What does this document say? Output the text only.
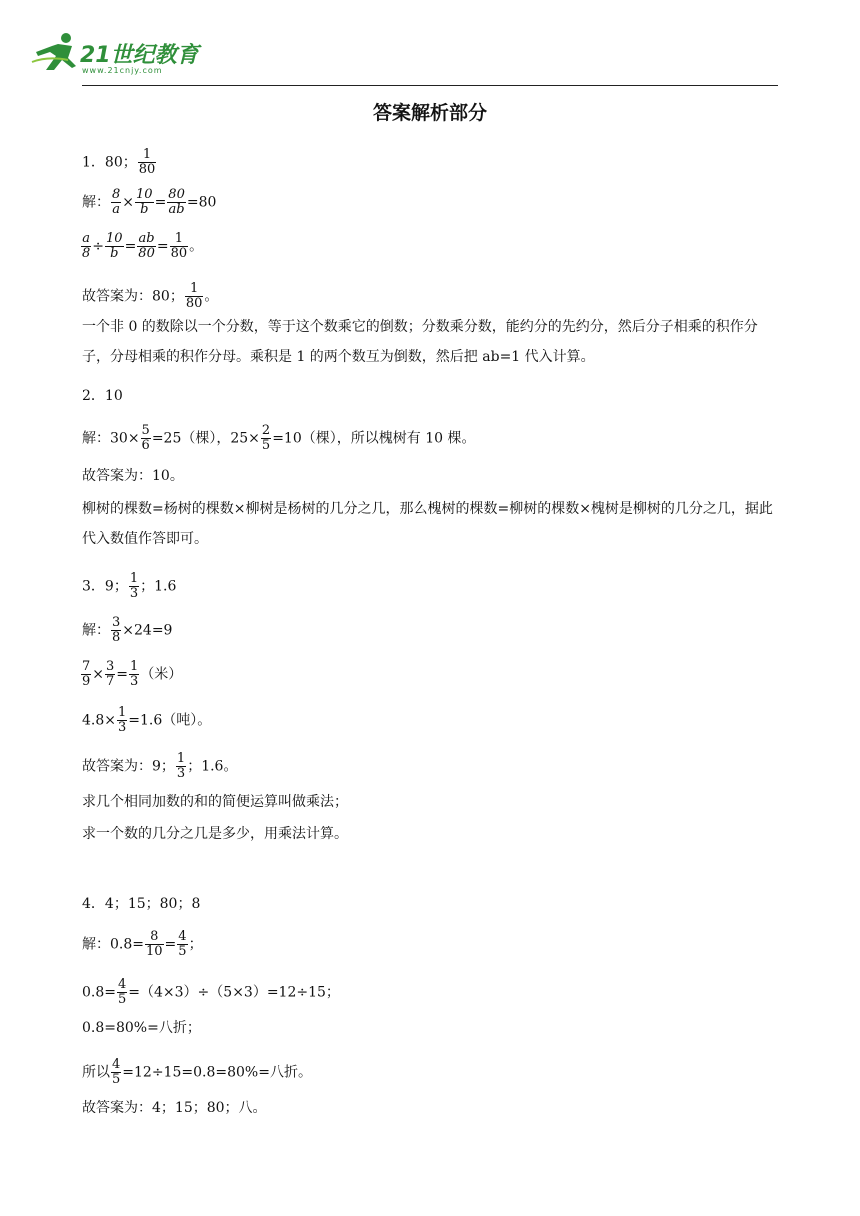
21世纪教育
www.21cnjy.com
答案解析部分
1．80； $\frac{1}{80}$
解： $\frac{8}{a} \times \frac{10}{b} = \frac{80}{ab} =80$
$\frac{a}{8} \div \frac{10}{b} = \frac{ab}{80} = \frac{1}{80}$ 。
故答案为：80； $\frac{1}{80}$ 。
一个非 0 的数除以一个分数，等于这个数乘它的倒数；分数乘分数，能约分的先约分，然后分子相乘的积作分子，分母相乘的积作分母。乘积是 1 的两个数互为倒数，然后把 ab=1 代入计算。
2．10
解：$30\times \frac{5}{6} =25$（棵），$25\times \frac{2}{5} =10$（棵），所以槐树有 10 棵。
故答案为：10。
柳树的棵数=杨树的棵数×柳树是杨树的几分之几，那么槐树的棵数=柳树的棵数×槐树是柳树的几分之几，据此代入数值作答即可。
3．9； $\frac{1}{3}$ ；1.6
解： $\frac{3}{8} \times 24=9$
$\frac{7}{9} \times \frac{3}{7} = \frac{1}{3}$ （米）
$4.8\times \frac{1}{3} =1.6$（吨）。
故答案为：9； $\frac{1}{3}$ ；1.6。
求几个相同加数的和的简便运算叫做乘法；
求一个数的几分之几是多少，用乘法计算。
4．4；15；80；8
解：$0.8= \frac{8}{10} = \frac{4}{5}$ ；
$0.8= \frac{4}{5} =(4\times 3)\div(5\times 3)=12\div 15$；
0.8=80%=八折；
所以 $\frac{4}{5} =12\div 15=0.8=80\%=$八折。
故答案为：4；15；80；八。
